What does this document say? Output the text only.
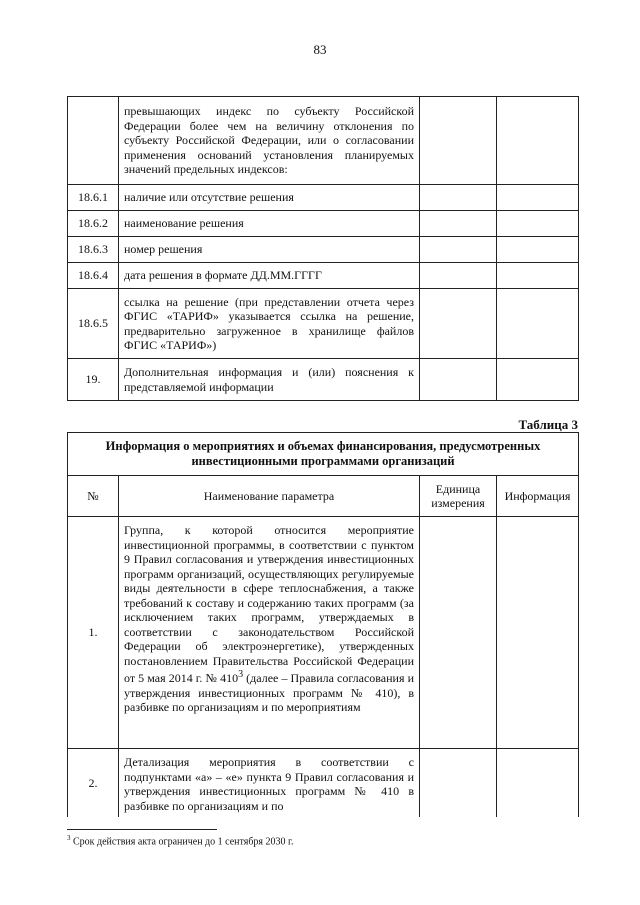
83
	превышающих индекс по субъекту Российской Федерации более чем на величину отклонения по субъекту Российской Федерации, или о согласовании применения оснований установления планируемых значений предельных индексов:		
18.6.1	наличие или отсутствие решения		
18.6.2	наименование решения		
18.6.3	номер решения		
18.6.4	дата решения в формате ДД.ММ.ГГГГ		
18.6.5	ссылка на решение (при представлении отчета через ФГИС «ТАРИФ» указывается ссылка на решение, предварительно загруженное в хранилище файлов ФГИС «ТАРИФ»)		
19.	Дополнительная информация и (или) пояснения к представляемой информации		
Таблица 3
Информация о мероприятиях и объемах финансирования, предусмотренных инвестиционными программами организаций			
№	Наименование параметра	Единица измерения	Информация
1.	Группа, к которой относится мероприятие инвестиционной программы, в соответствии с пунктом 9 Правил согласования и утверждения инвестиционных программ организаций, осуществляющих регулируемые виды деятельности в сфере теплоснабжения, а также требований к составу и содержанию таких программ (за исключением таких программ, утверждаемых в соответствии с законодательством Российской Федерации об электроэнергетике), утвержденных постановлением Правительства Российской Федерации от 5 мая 2014 г. № $410^3$ (далее – Правила согласования и утверждения инвестиционных программ № 410), в разбивке по организациям и по мероприятиям		
2.	Детализация мероприятия в соответствии с подпунктами «а» – «е» пункта 9 Правил согласования и утверждения инвестиционных программ № 410 в разбивке по организациям и по		
$^3$ Срок действия акта ограничен до 1 сентября 2030 г.
